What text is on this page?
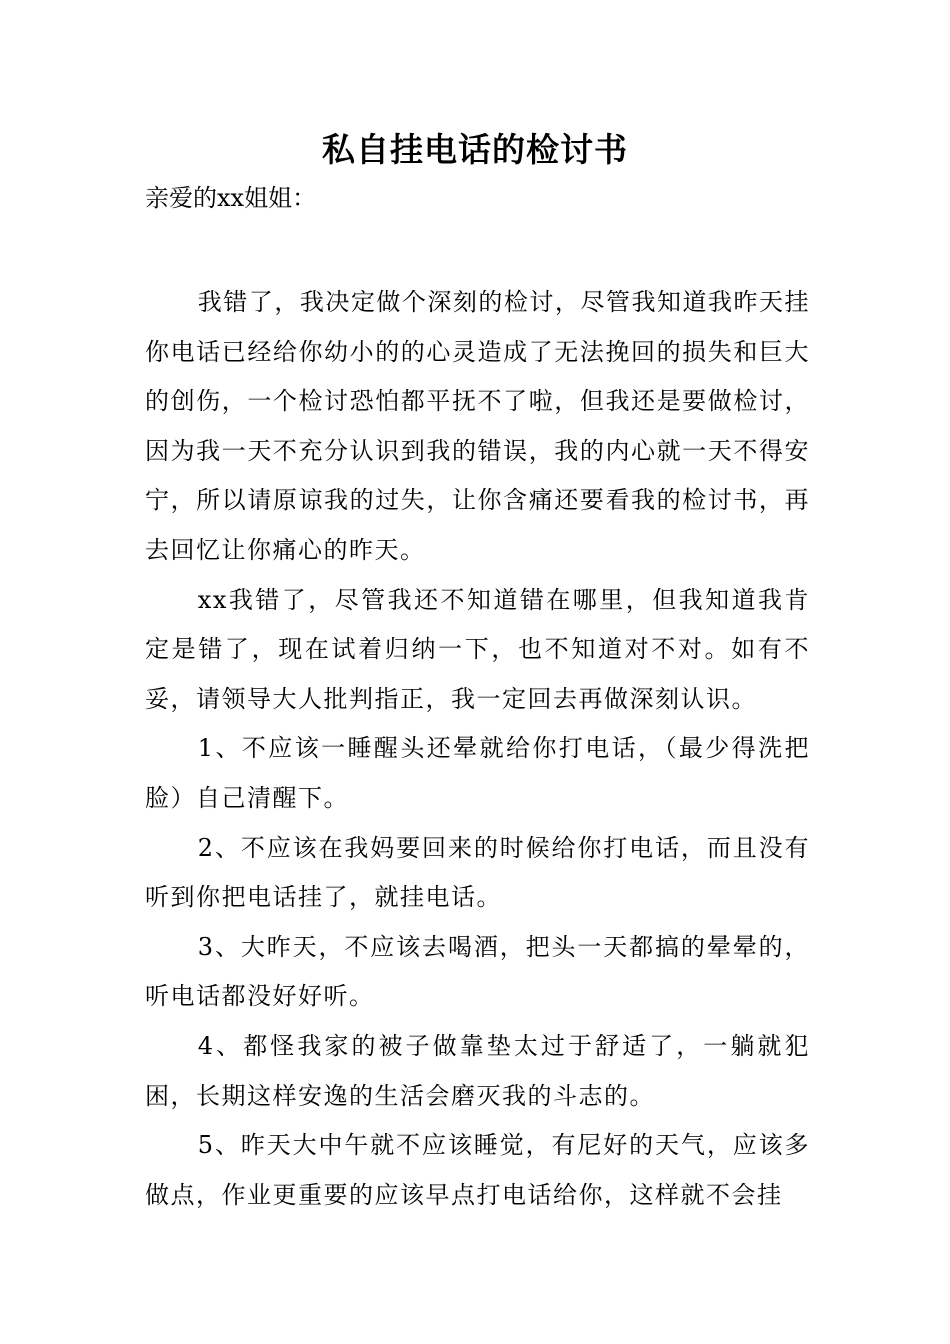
私自挂电话的检讨书
亲爱的xx姐姐：

我错了，我决定做个深刻的检讨，尽管我知道我昨天挂你电话已经给你幼小的的心灵造成了无法挽回的损失和巨大的创伤，一个检讨恐怕都平抚不了啦，但我还是要做检讨，因为我一天不充分认识到我的错误，我的内心就一天不得安宁，所以请原谅我的过失，让你含痛还要看我的检讨书，再去回忆让你痛心的昨天。

xx我错了，尽管我还不知道错在哪里，但我知道我肯定是错了，现在试着归纳一下，也不知道对不对。如有不妥，请领导大人批判指正，我一定回去再做深刻认识。

1、不应该一睡醒头还晕就给你打电话，（最少得洗把脸）自己清醒下。

2、不应该在我妈要回来的时候给你打电话，而且没有听到你把电话挂了，就挂电话。

3、大昨天，不应该去喝酒，把头一天都搞的晕晕的，听电话都没好好听。

4、都怪我家的被子做靠垫太过于舒适了，一躺就犯困，长期这样安逸的生活会磨灭我的斗志的。

5、昨天大中午就不应该睡觉，有尼好的天气，应该多做点，作业更重要的应该早点打电话给你，这样就不会挂
